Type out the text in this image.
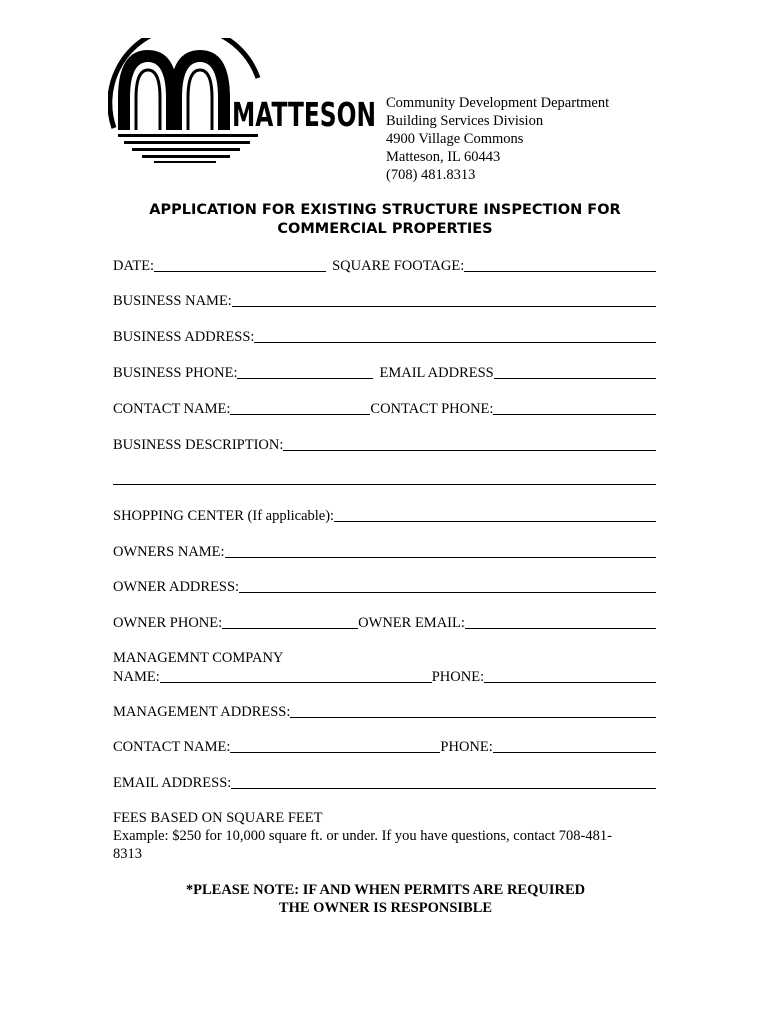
MATTESON Community Development Department
Building Services Division
4900 Village Commons
Matteson, IL 60443
(708) 481.8313
APPLICATION FOR EXISTING STRUCTURE INSPECTION FOR
COMMERCIAL PROPERTIES
DATE:	SQUARE FOOTAGE:
BUSINESS NAME:
BUSINESS ADDRESS:
BUSINESS PHONE:	EMAIL ADDRESS
CONTACT NAME:	CONTACT PHONE:
BUSINESS DESCRIPTION:
SHOPPING CENTER (If applicable):
OWNERS NAME:
OWNER ADDRESS:
OWNER PHONE:	OWNER EMAIL:
MANAGEMNT COMPANY
NAME:	PHONE:
MANAGEMENT ADDRESS:
CONTACT NAME:	PHONE:
EMAIL ADDRESS:
FEES BASED ON SQUARE FEET
Example: $250 for 10,000 square ft. or under. If you have questions, contact 708-481-
8313
*PLEASE NOTE: IF AND WHEN PERMITS ARE REQUIRED
THE OWNER IS RESPONSIBLE
